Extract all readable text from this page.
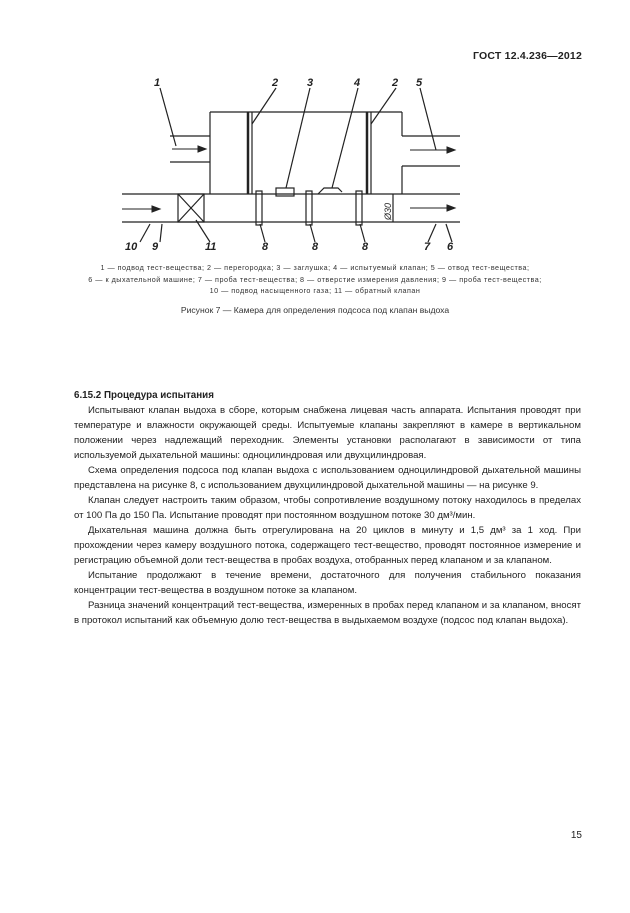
ГОСТ 12.4.236—2012
1	2	3	4	2 5
10 9	11	8	8	8	7 6
Ø30
1 — подвод тест-вещества; 2 — перегородка; 3 — заглушка; 4 — испытуемый клапан; 5 — отвод тест-вещества;
6 — к дыхательной машине; 7 — проба тест-вещества; 8 — отверстие измерения давления; 9 — проба тест-вещества;
10 — подвод насыщенного газа; 11 — обратный клапан
Рисунок 7 — Камера для определения подсоса под клапан выдоха
6.15.2 Процедура испытания

Испытывают клапан выдоха в сборе, которым снабжена лицевая часть аппарата. Испытания проводят при температуре и влажности окружающей среды. Испытуемые клапаны закрепляют в камере в вертикальном положении через надлежащий переходник. Элементы установки располагают в зависимости от типа используемой дыхательной машины: одноцилиндровая или двухцилиндровая.

Схема определения подсоса под клапан выдоха с использованием одноцилиндровой дыхательной машины представлена на рисунке 8, с использованием двухцилиндровой дыхательной машины — на рисунке 9.

Клапан следует настроить таким образом, чтобы сопротивление воздушному потоку находилось в пределах от 100 Па до 150 Па. Испытание проводят при постоянном воздушном потоке 30 дм³/мин.

Дыхательная машина должна быть отрегулирована на 20 циклов в минуту и 1,5 дм³ за 1 ход. При прохождении через камеру воздушного потока, содержащего тест-вещество, проводят постоянное измерение и регистрацию объемной доли тест-вещества в пробах воздуха, отобранных перед клапаном и за клапаном.

Испытание продолжают в течение времени, достаточного для получения стабильного показания концентрации тест-вещества в воздушном потоке за клапаном.

Разница значений концентраций тест-вещества, измеренных в пробах перед клапаном и за клапаном, вносят в протокол испытаний как объемную долю тест-вещества в выдыхаемом воздухе (подсос под клапан выдоха).

15
